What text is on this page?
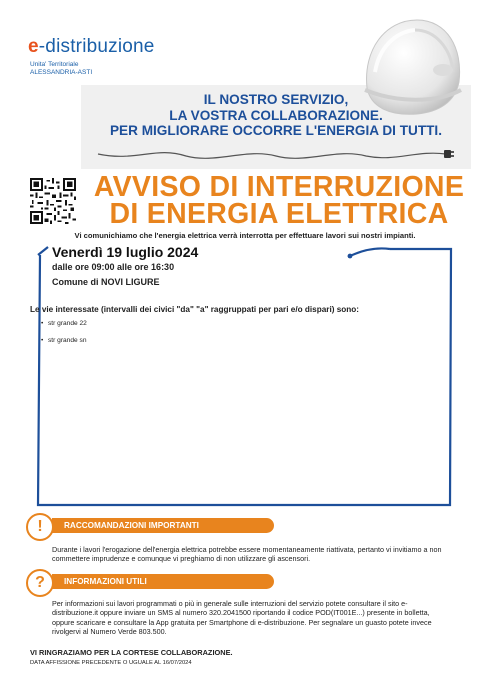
e-distribuzione
Unita' Territoriale
ALESSANDRIA-ASTI
IL NOSTRO SERVIZIO,
LA VOSTRA COLLABORAZIONE.
PER MIGLIORARE OCCORRE L'ENERGIA DI TUTTI.
AVVISO DI INTERRUZIONE
DI ENERGIA ELETTRICA
Vi comunichiamo che l'energia elettrica verrà interrotta per effettuare lavori sui nostri impianti.
Venerdì 19 luglio 2024
dalle ore 09:00 alle ore 16:30
Comune di NOVI LIGURE
Le vie interessate (intervalli dei civici "da" "a" raggruppati per pari e/o dispari) sono:
• str grande 22
• str grande sn
RACCOMANDAZIONI IMPORTANTI
!
Durante i lavori l'erogazione dell'energia elettrica potrebbe essere momentaneamente riattivata, pertanto vi invitiamo a non commettere imprudenze e comunque vi preghiamo di non utilizzare gli ascensori.
INFORMAZIONI UTILI
?
Per informazioni sui lavori programmati o più in generale sulle interruzioni del servizio potete consultare il sito e-distribuzione.it oppure inviare un SMS al numero 320.2041500 riportando il codice POD(IT001E...) presente in bolletta, oppure scaricare e consultare la App gratuita per Smartphone di e-distribuzione. Per segnalare un guasto potete invece rivolgervi al Numero Verde 803.500.
VI RINGRAZIAMO PER LA CORTESE COLLABORAZIONE.
DATA AFFISSIONE PRECEDENTE O UGUALE AL 16/07/2024
